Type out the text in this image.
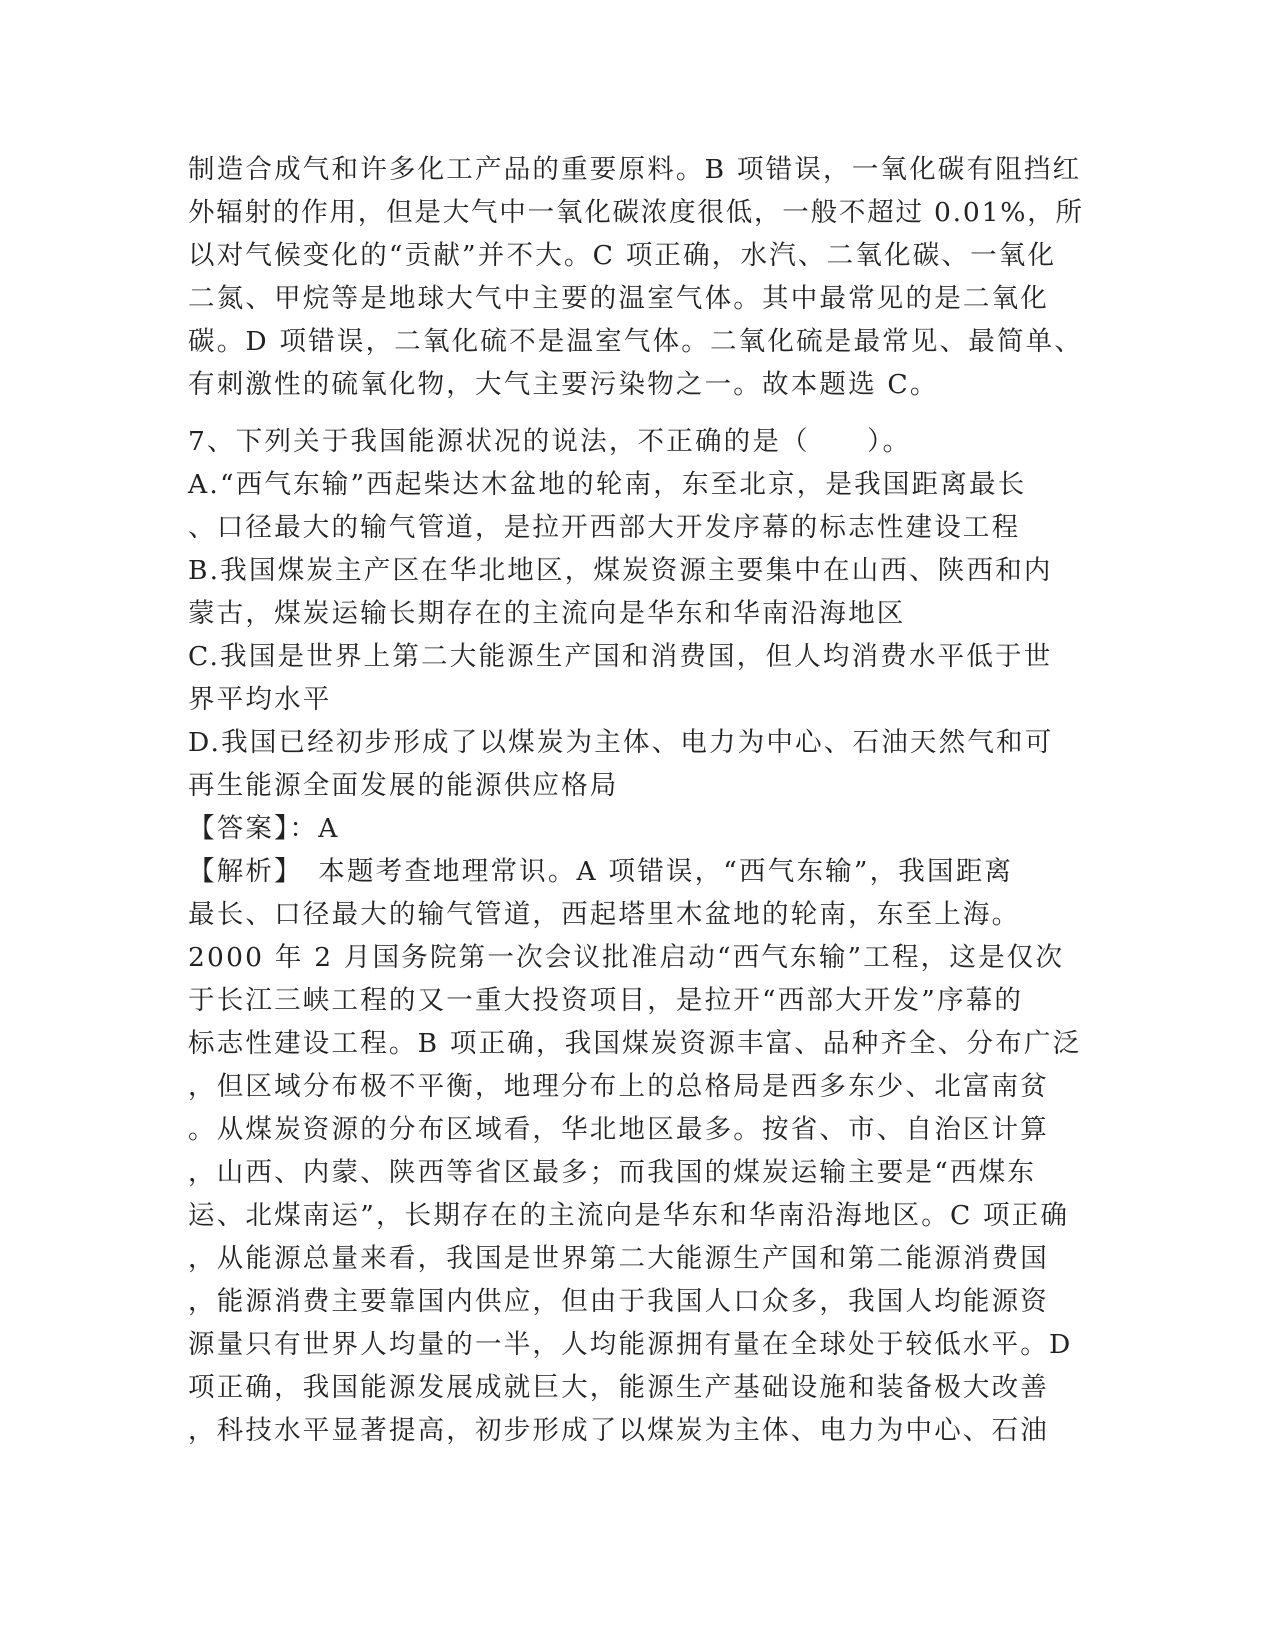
制造合成气和许多化工产品的重要原料。B 项错误，一氧化碳有阻挡红
外辐射的作用，但是大气中一氧化碳浓度很低，一般不超过 0.01%，所
以对气候变化的“贡献”并不大。C 项正确，水汽、二氧化碳、一氧化
二氮、甲烷等是地球大气中主要的温室气体。其中最常见的是二氧化
碳。D 项错误，二氧化硫不是温室气体。二氧化硫是最常见、最简单、
有刺激性的硫氧化物，大气主要污染物之一。故本题选 C。
7、下列关于我国能源状况的说法，不正确的是（　　）。
A.“西气东输”西起柴达木盆地的轮南，东至北京，是我国距离最长
、口径最大的输气管道，是拉开西部大开发序幕的标志性建设工程
B.我国煤炭主产区在华北地区，煤炭资源主要集中在山西、陕西和内
蒙古，煤炭运输长期存在的主流向是华东和华南沿海地区
C.我国是世界上第二大能源生产国和消费国，但人均消费水平低于世
界平均水平
D.我国已经初步形成了以煤炭为主体、电力为中心、石油天然气和可
再生能源全面发展的能源供应格局
【答案】：A
【解析】　本题考查地理常识。A 项错误，“西气东输”，我国距离
最长、口径最大的输气管道，西起塔里木盆地的轮南，东至上海。
2000 年 2 月国务院第一次会议批准启动“西气东输”工程，这是仅次
于长江三峡工程的又一重大投资项目，是拉开“西部大开发”序幕的
标志性建设工程。B 项正确，我国煤炭资源丰富、品种齐全、分布广泛
，但区域分布极不平衡，地理分布上的总格局是西多东少、北富南贫
。从煤炭资源的分布区域看，华北地区最多。按省、市、自治区计算
，山西、内蒙、陕西等省区最多；而我国的煤炭运输主要是“西煤东
运、北煤南运”，长期存在的主流向是华东和华南沿海地区。C 项正确
，从能源总量来看，我国是世界第二大能源生产国和第二能源消费国
，能源消费主要靠国内供应，但由于我国人口众多，我国人均能源资
源量只有世界人均量的一半，人均能源拥有量在全球处于较低水平。D
项正确，我国能源发展成就巨大，能源生产基础设施和装备极大改善
，科技水平显著提高，初步形成了以煤炭为主体、电力为中心、石油
